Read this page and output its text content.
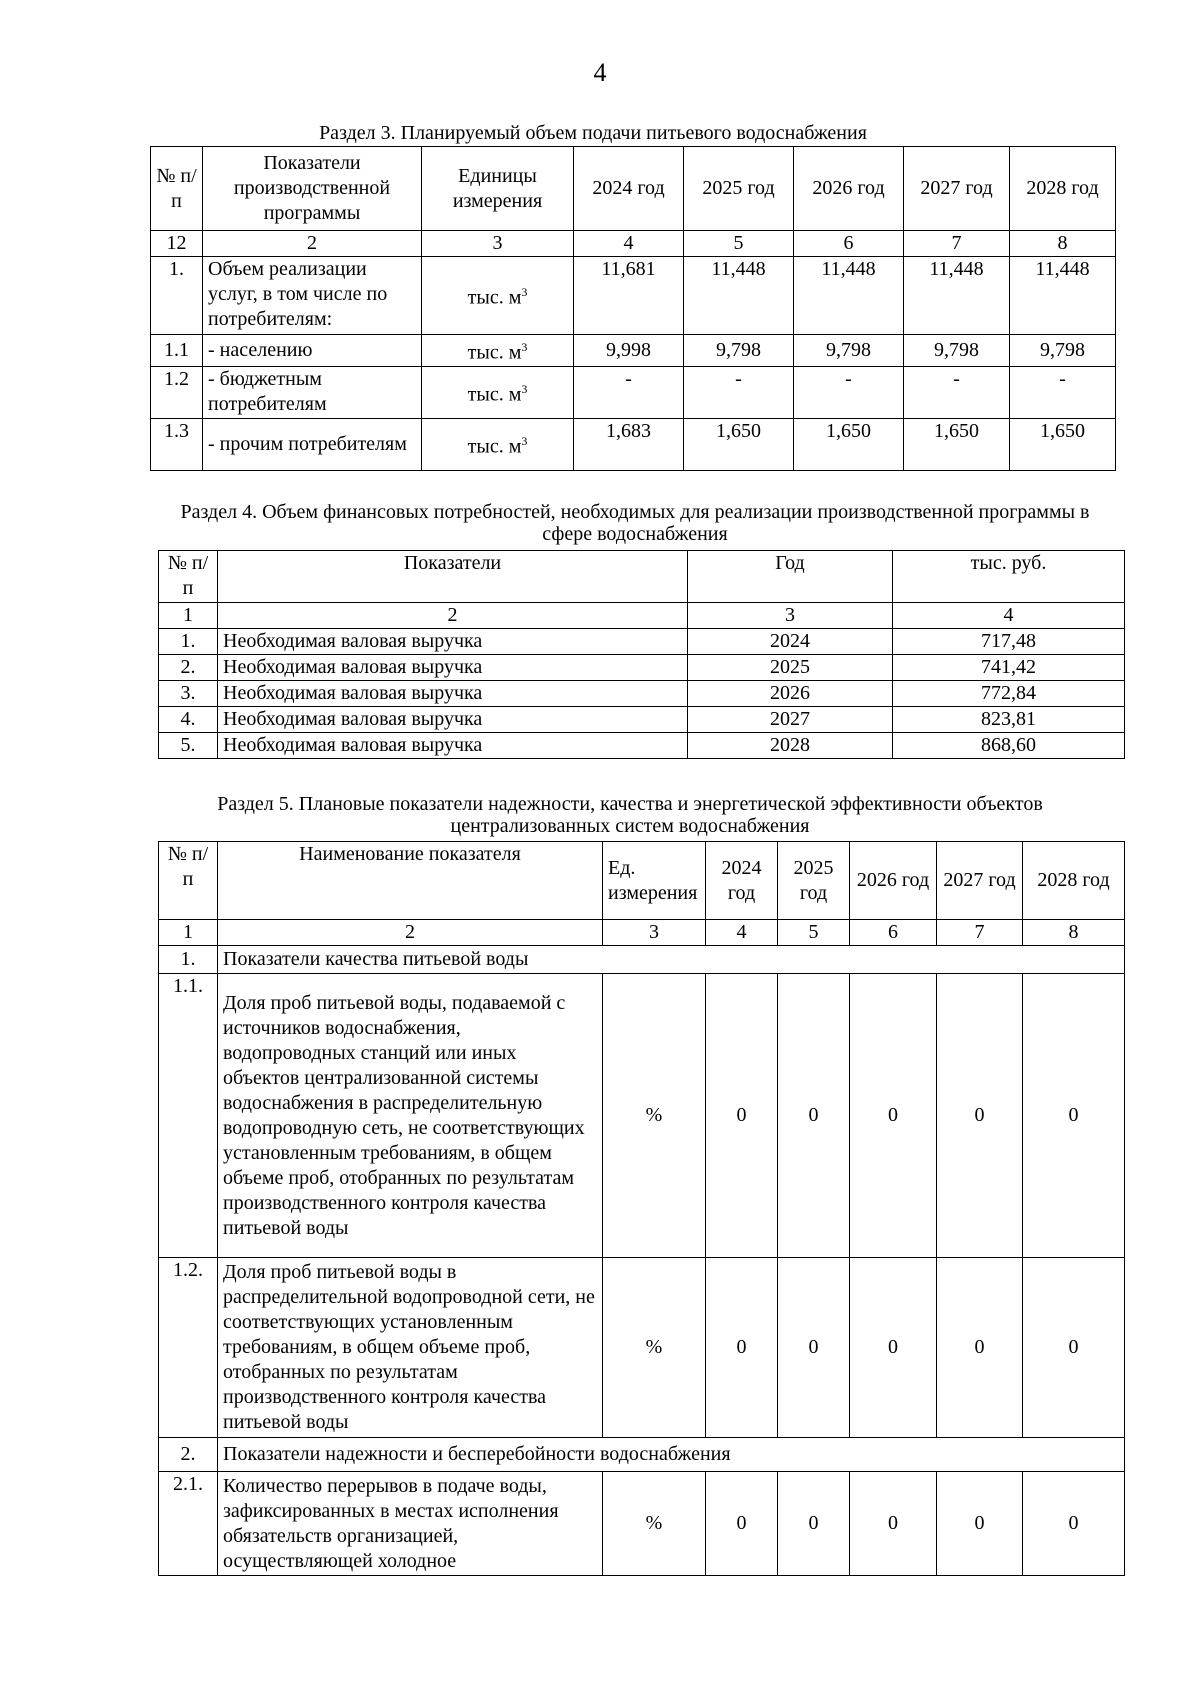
4
Раздел 3. Планируемый объем подачи питьевого водоснабжения
№ п/п	Показатели производственной программы	Единицы измерения	2024 год	2025 год	2026 год	2027 год	2028 год
12	2	3	4	5	6	7	8
1.	Объем реализации услуг, в том числе по потребителям:	тыс. $м^3$	11,681	11,448	11,448	11,448	11,448
1.1	- населению	тыс. $м^3$	9,998	9,798	9,798	9,798	9,798
1.2	- бюджетным потребителям	тыс. $м^3$	-	-	-	-	-
1.3	- прочим потребителям	тыс. $м^3$	1,683	1,650	1,650	1,650	1,650
Раздел 4. Объем финансовых потребностей, необходимых для реализации производственной программы в сфере водоснабжения
№ п/п	Показатели	Год	тыс. руб.
1	2	3	4
1.	Необходимая валовая выручка	2024	717,48
2.	Необходимая валовая выручка	2025	741,42
3.	Необходимая валовая выручка	2026	772,84
4.	Необходимая валовая выручка	2027	823,81
5.	Необходимая валовая выручка	2028	868,60
Раздел 5. Плановые показатели надежности, качества и энергетической эффективности объектов централизованных систем водоснабжения
№ п/п	Наименование показателя	Ед. измерения	2024 год	2025 год	2026 год	2027 год	2028 год
1	2	3	4	5	6	7	8
1.	Показатели качества питьевой воды						
1.1.	Доля проб питьевой воды, подаваемой с источников водоснабжения, водопроводных станций или иных объектов централизованной системы водоснабжения в распределительную водопроводную сеть, не соответствующих установленным требованиям, в общем объеме проб, отобранных по результатам производственного контроля качества питьевой воды	%	0	0	0	0	0
1.2.	Доля проб питьевой воды в распределительной водопроводной сети, не соответствующих установленным требованиям, в общем объеме проб, отобранных по результатам производственного контроля качества питьевой воды	%	0	0	0	0	0
2.	Показатели надежности и бесперебойности водоснабжения						
2.1.	Количество перерывов в подаче воды, зафиксированных в местах исполнения обязательств организацией, осуществляющей холодное	%	0	0	0	0	0
